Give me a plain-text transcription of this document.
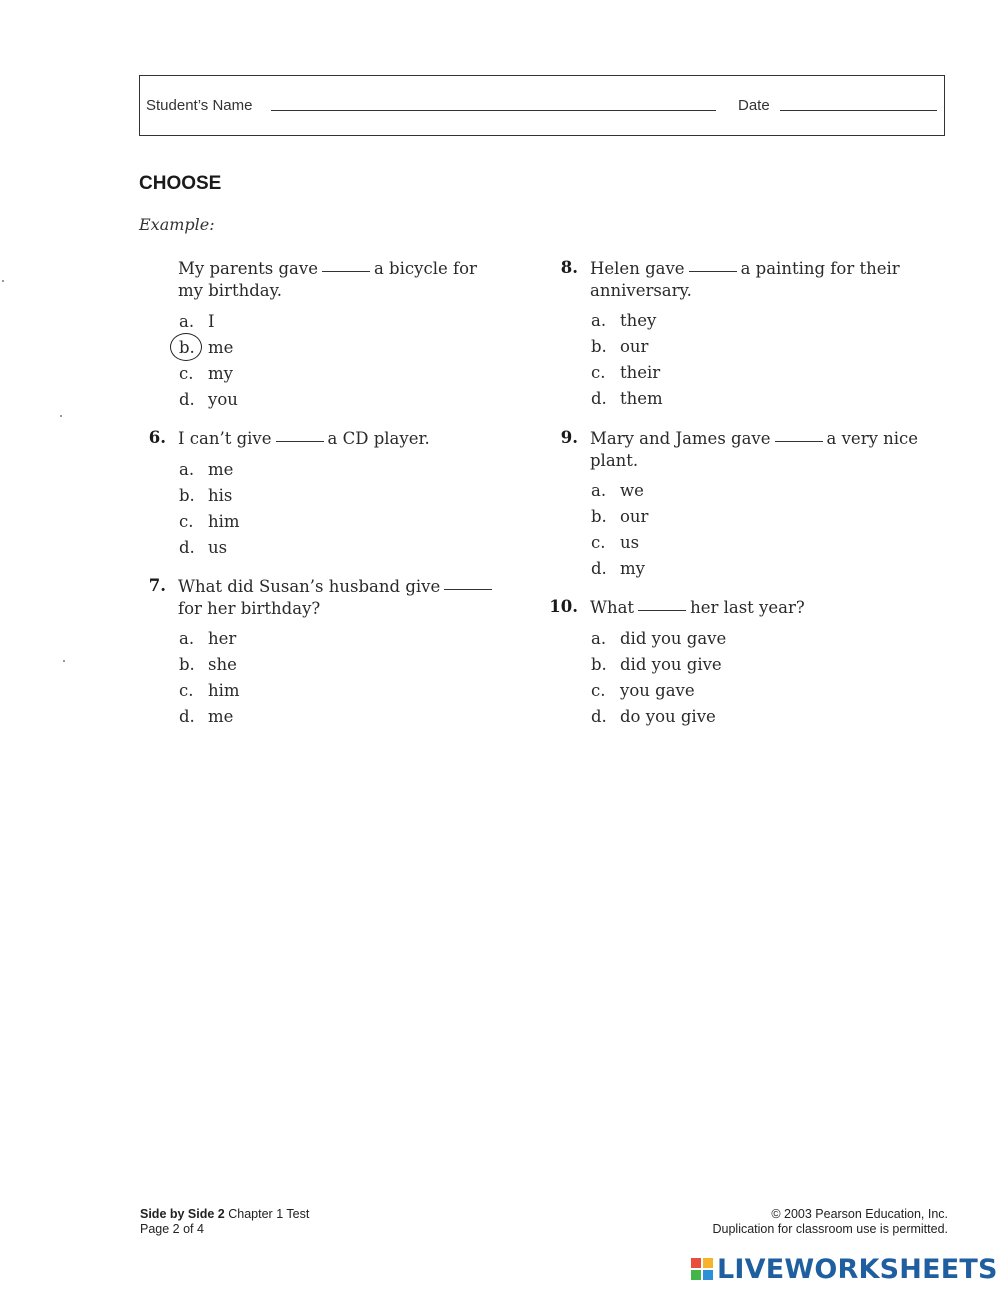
Student’s Name	Date
CHOOSE
Example:
My parents gave	a bicycle for
my birthday.
a. I
b. me
c. my
d. you
6. I can’t give	a CD player.
a. me
b. his
c. him
d. us
7. What did Susan’s husband give
for her birthday?
a. her
b. she
c. him
d. me
8. Helen gave	a painting for their
anniversary.
a. they
b. our
c. their
d. them
9. Mary and James gave	a very nice
plant.
a. we
b. our
c. us
d. my
10. What	her last year?
a. did you gave
b. did you give
c. you gave
d. do you give
Side by Side 2 Chapter 1 Test
Page 2 of 4
© 2003 Pearson Education, Inc.
Duplication for classroom use is permitted.
LIVEWORKSHEETS
